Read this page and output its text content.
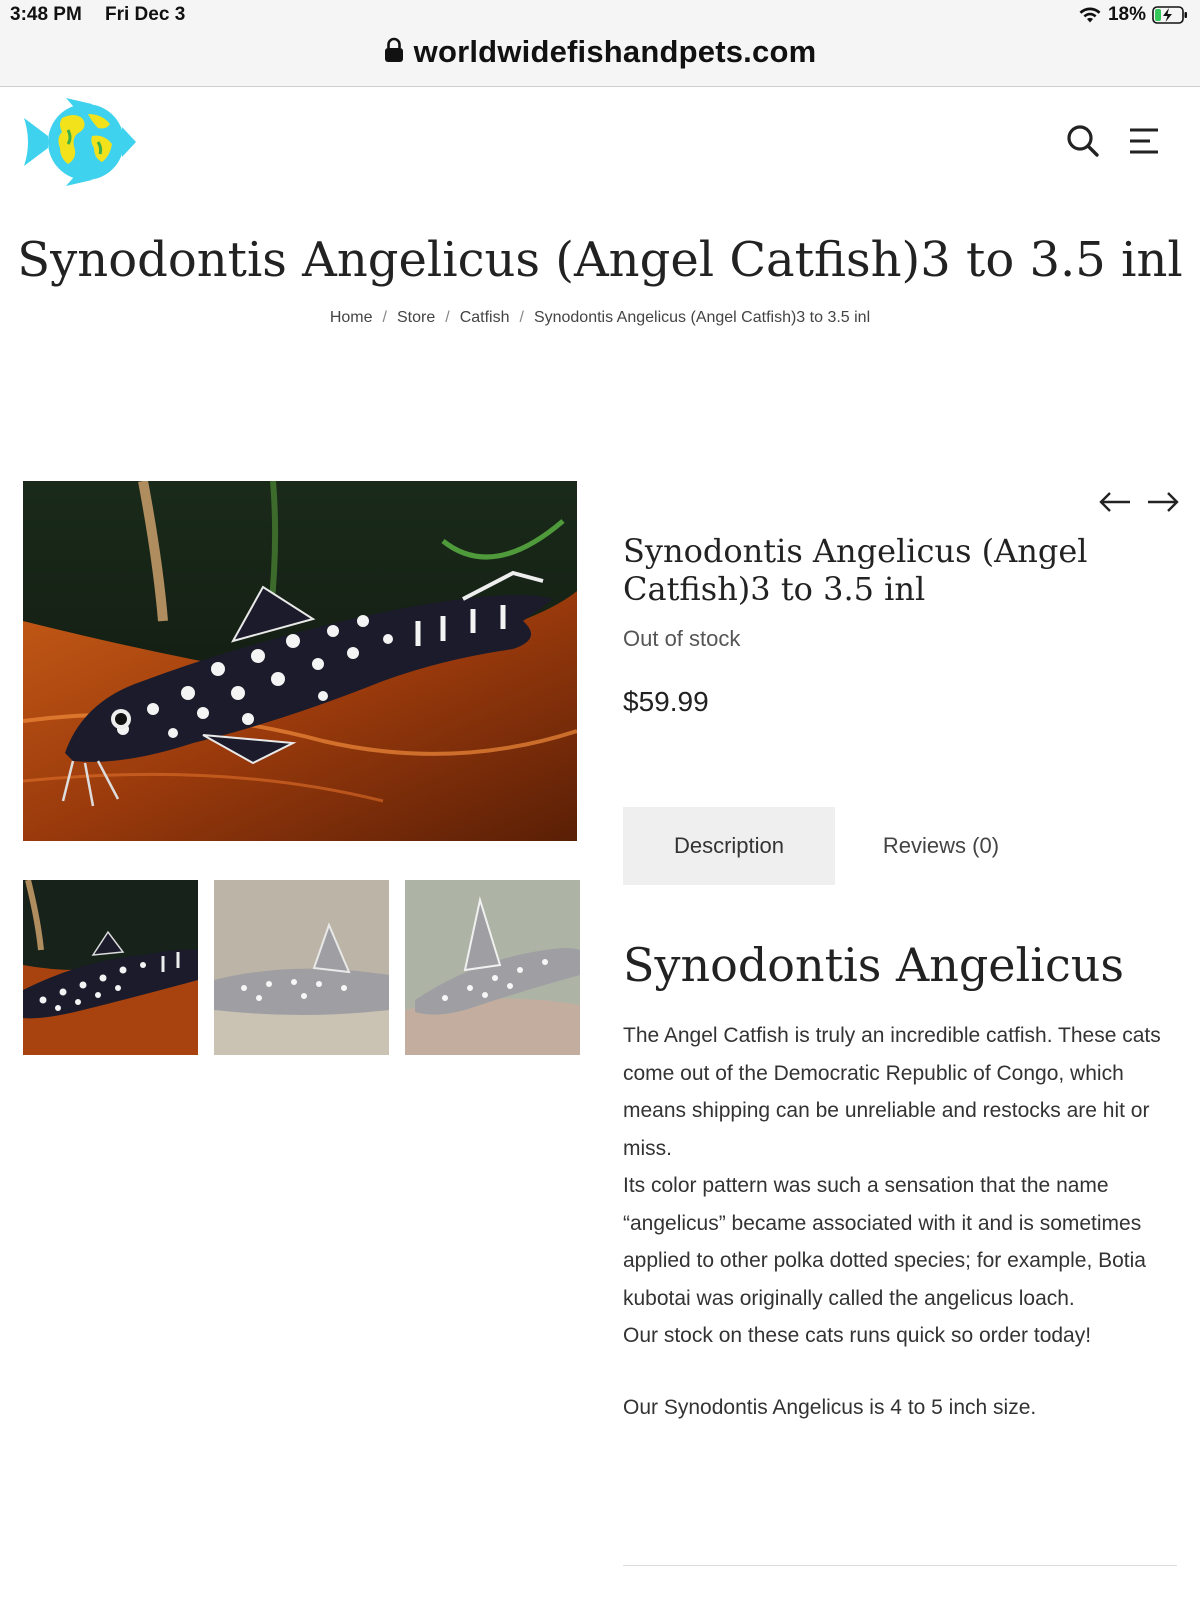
3:48 PM Fri Dec 3	18%
worldwidefishandpets.com
Synodontis Angelicus (Angel Catfish)3 to 3.5 inl
Home / Store / Catfish / Synodontis Angelicus (Angel Catfish)3 to 3.5 inl
Synodontis Angelicus (Angel Catfish)3 to 3.5 inl
Out of stock
$59.99
Description	Reviews (0)
Synodontis Angelicus

The Angel Catfish is truly an incredible catfish. These cats come out of the Democratic Republic of Congo, which means shipping can be unreliable and restocks are hit or miss.

Its color pattern was such a sensation that the name “angelicus” became associated with it and is sometimes applied to other polka dotted species; for example, Botia kubotai was originally called the angelicus loach.

Our stock on these cats runs quick so order today!

Our Synodontis Angelicus is 4 to 5 inch size.
